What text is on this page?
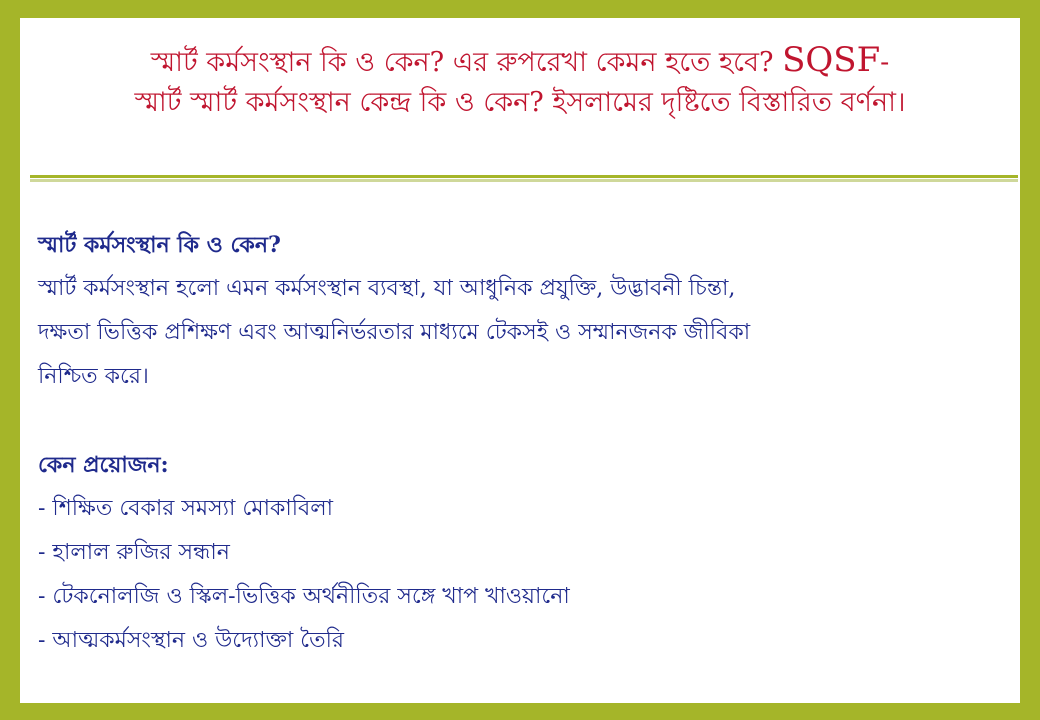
স্মার্ট কর্মসংস্থান কি ও কেন? এর রুপরেখা কেমন হতে হবে? SQSF-
স্মার্ট স্মার্ট কর্মসংস্থান কেন্দ্র কি ও কেন? ইসলামের দৃষ্টিতে বিস্তারিত বর্ণনা।
স্মার্ট কর্মসংস্থান কি ও কেন?
স্মার্ট কর্মসংস্থান হলো এমন কর্মসংস্থান ব্যবস্থা, যা আধুনিক প্রযুক্তি, উদ্ভাবনী চিন্তা,
দক্ষতা ভিত্তিক প্রশিক্ষণ এবং আত্মনির্ভরতার মাধ্যমে টেকসই ও সম্মানজনক জীবিকা
নিশ্চিত করে।
কেন প্রয়োজন:
- শিক্ষিত বেকার সমস্যা মোকাবিলা
- হালাল রুজির সন্ধান
- টেকনোলজি ও স্কিল-ভিত্তিক অর্থনীতির সঙ্গে খাপ খাওয়ানো
- আত্মকর্মসংস্থান ও উদ্যোক্তা তৈরি
